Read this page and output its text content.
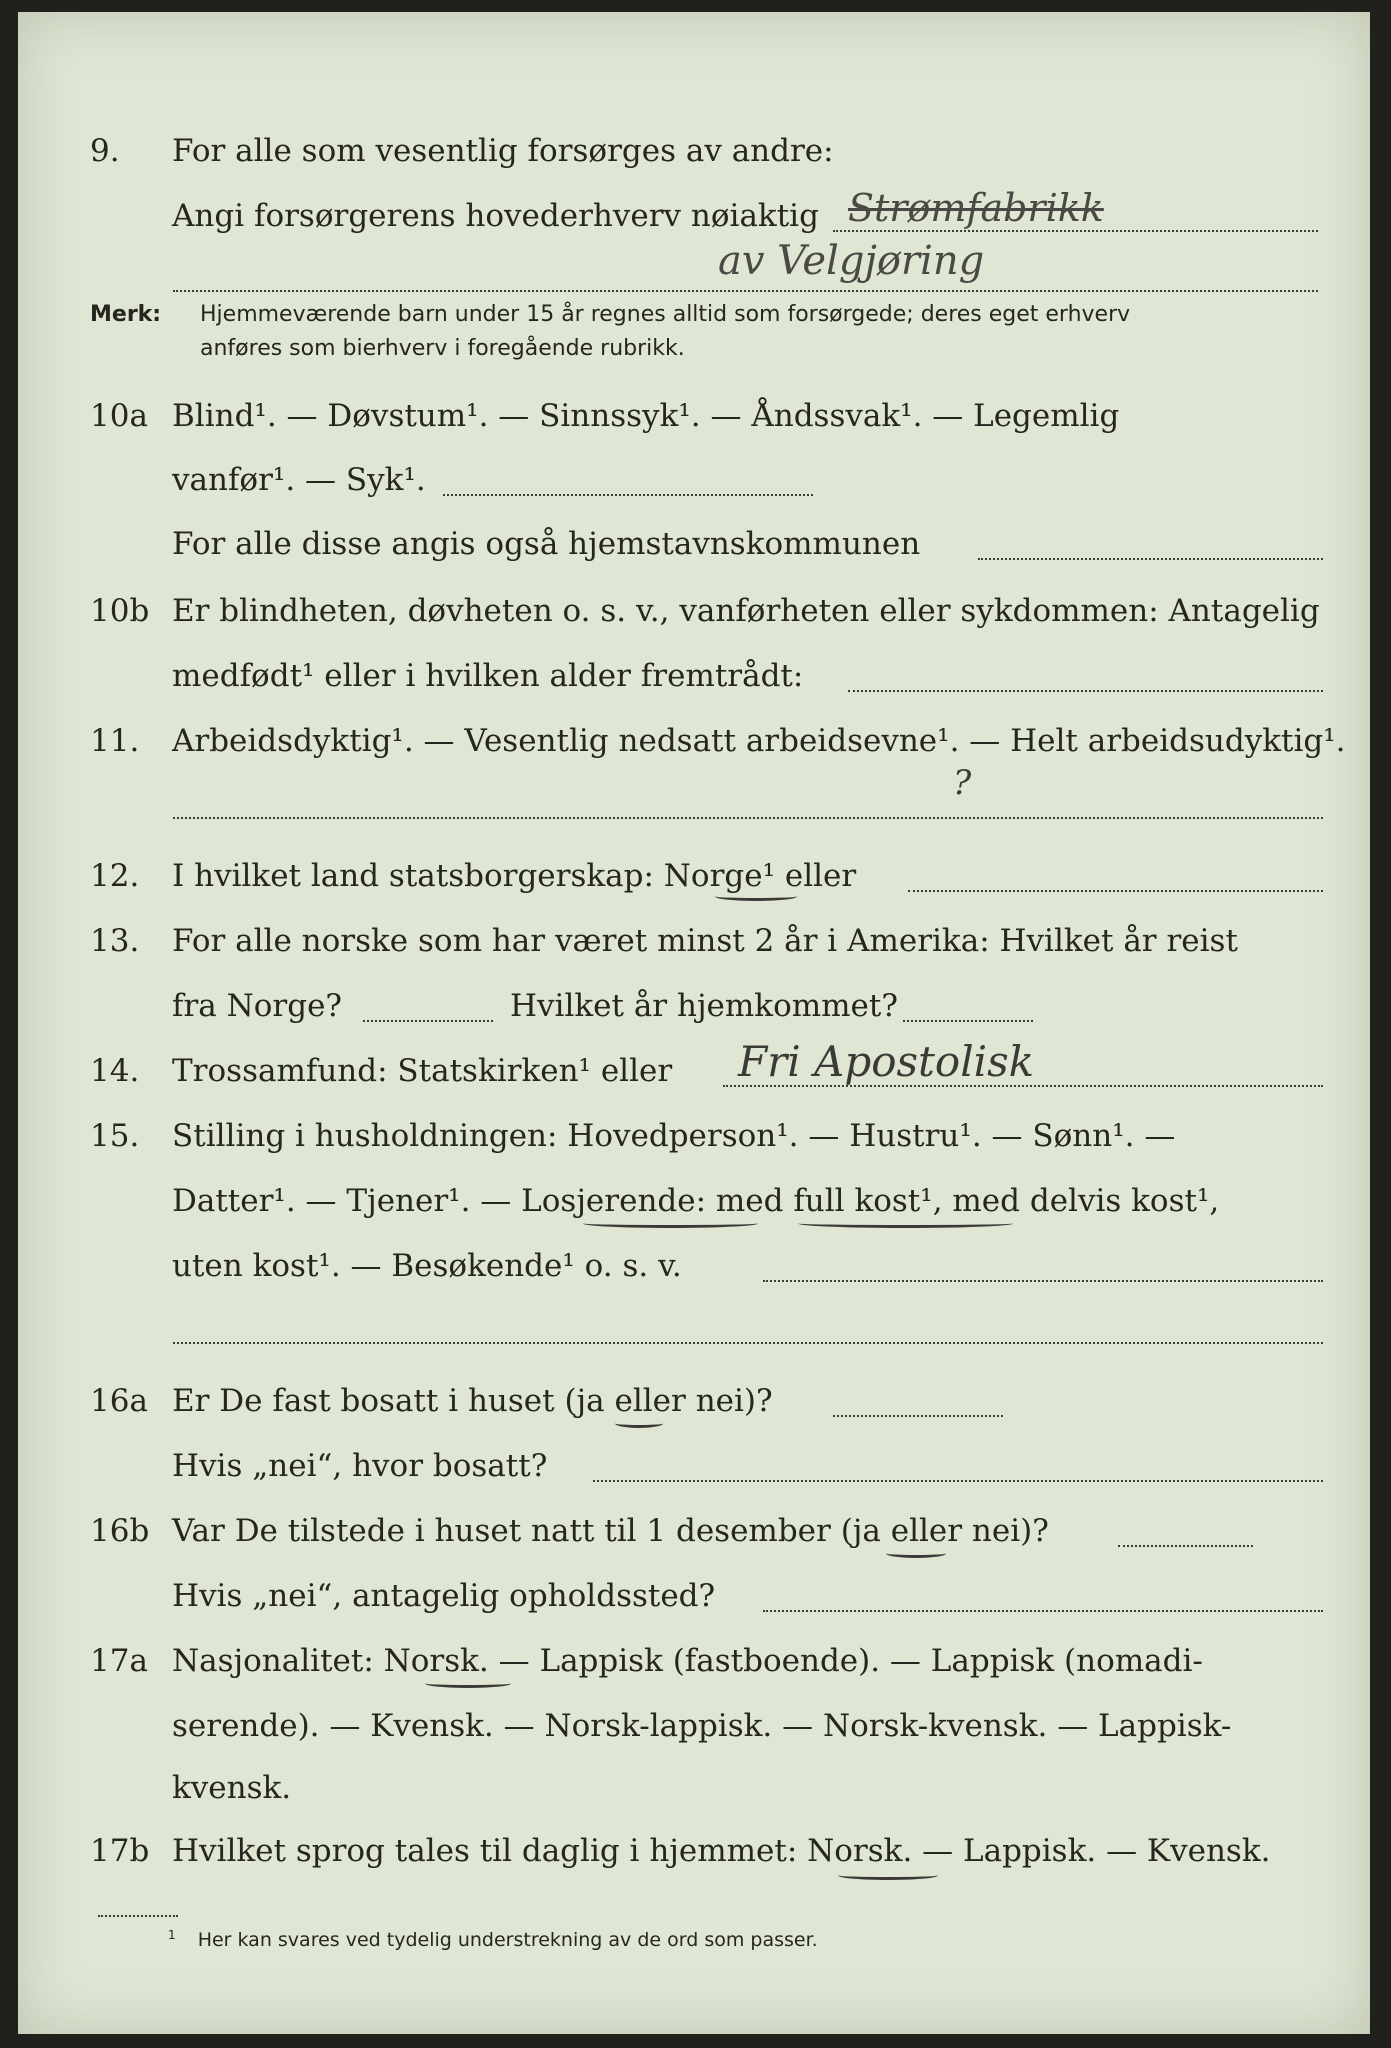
9. For alle som vesentlig forsørges av andre:
Angi forsørgerens hovederhverv nøiaktig Strømfabrikk
av Velgjøring
Merk: Hjemmeværende barn under 15 år regnes alltid som forsørgede; deres eget erhverv
anføres som bierhverv i foregående rubrikk.
10a Blind¹. — Døvstum¹. — Sinnssyk¹. — Åndssvak¹. — Legemlig
vanfør¹. — Syk¹.
For alle disse angis også hjemstavnskommunen
10b Er blindheten, døvheten o. s. v., vanførheten eller sykdommen: Antagelig
medfødt¹ eller i hvilken alder fremtrådt:
11. Arbeidsdyktig¹. — Vesentlig nedsatt arbeidsevne¹. — Helt arbeidsudyktig¹.
?
12. I hvilket land statsborgerskap: Norge¹ eller
13. For alle norske som har været minst 2 år i Amerika: Hvilket år reist
fra Norge?	Hvilket år hjemkommet?
14. Trossamfund: Statskirken¹ eller Fri Apostolisk
15. Stilling i husholdningen: Hovedperson¹. — Hustru¹. — Sønn¹. —
Datter¹. — Tjener¹. — Losjerende: med full kost¹, med delvis kost¹,
uten kost¹. — Besøkende¹ o. s. v.
16a Er De fast bosatt i huset (ja eller nei)?
Hvis „nei“, hvor bosatt?
16b Var De tilstede i huset natt til 1 desember (ja eller nei)?
Hvis „nei“, antagelig opholdssted?
17a Nasjonalitet: Norsk. — Lappisk (fastboende). — Lappisk (nomadi-
serende). — Kvensk. — Norsk-lappisk. — Norsk-kvensk. — Lappisk-
kvensk.
17b Hvilket sprog tales til daglig i hjemmet: Norsk. — Lappisk. — Kvensk.
$^1$ Her kan svares ved tydelig understrekning av de ord som passer.
